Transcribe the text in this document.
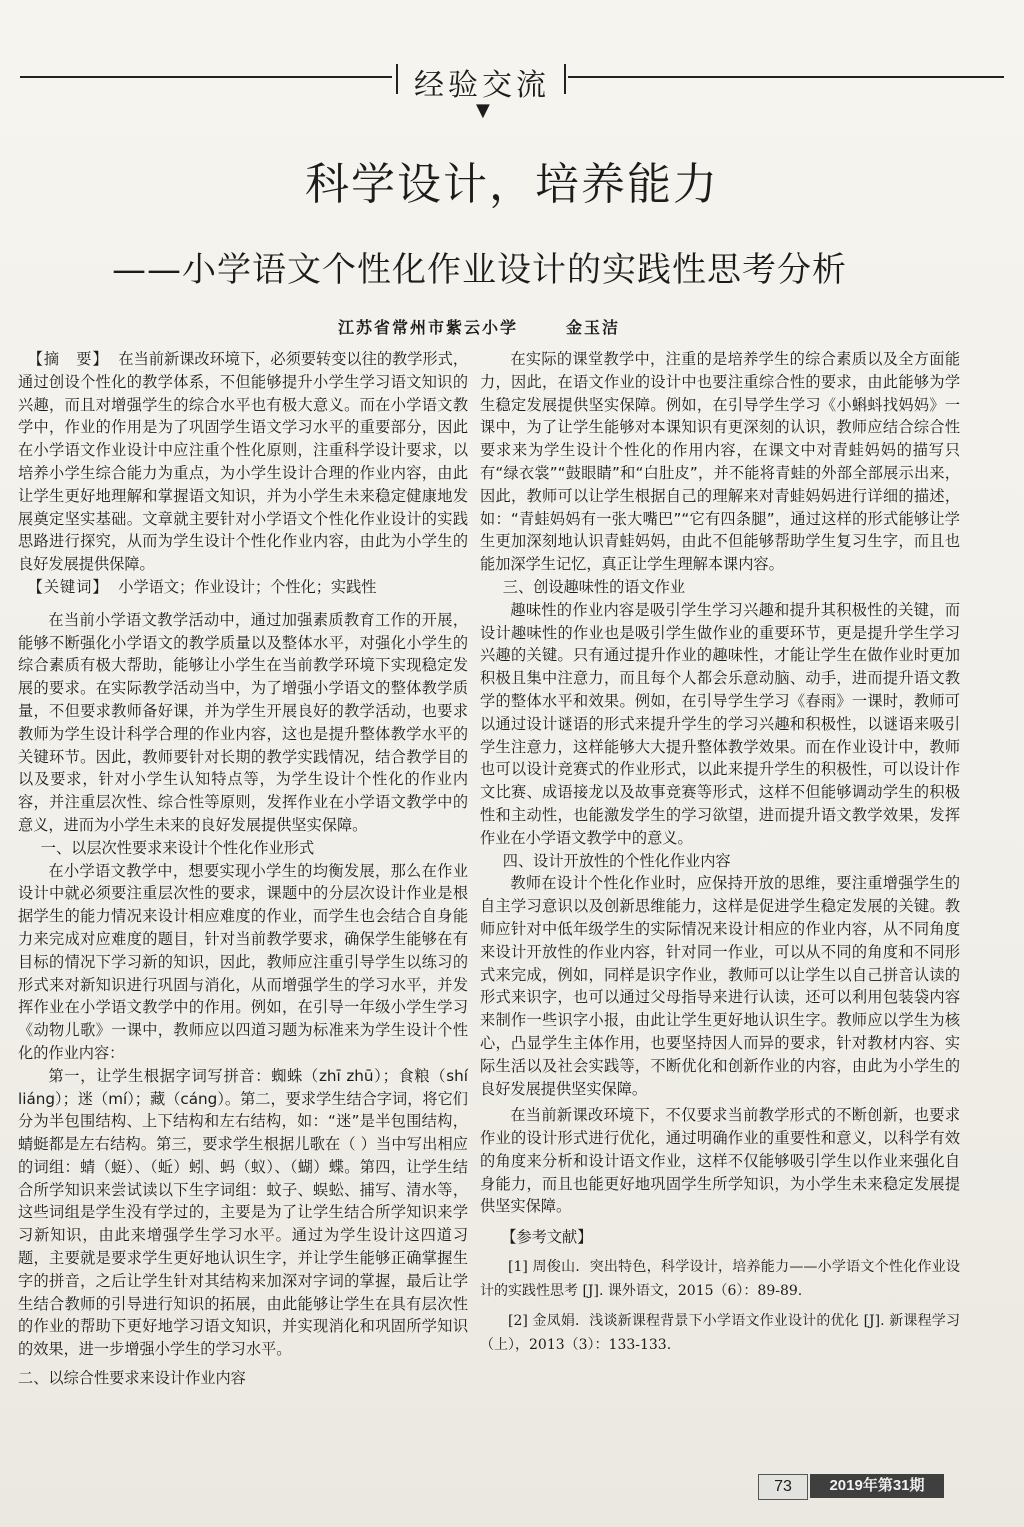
经验交流
▼
科学设计，培养能力
——小学语文个性化作业设计的实践性思考分析
江苏省常州市紫云小学	金玉洁

【摘　要】 在当前新课改环境下，必须要转变以往的教学形式，通过创设个性化的教学体系，不但能够提升小学生学习语文知识的兴趣，而且对增强学生的综合水平也有极大意义。而在小学语文教学中，作业的作用是为了巩固学生语文学习水平的重要部分，因此在小学语文作业设计中应注重个性化原则，注重科学设计要求，以培养小学生综合能力为重点，为小学生设计合理的作业内容，由此让学生更好地理解和掌握语文知识，并为小学生未来稳定健康地发展奠定坚实基础。文章就主要针对小学语文个性化作业设计的实践思路进行探究，从而为学生设计个性化作业内容，由此为小学生的良好发展提供保障。

【关键词】 小学语文；作业设计；个性化；实践性

在当前小学语文教学活动中，通过加强素质教育工作的开展，能够不断强化小学语文的教学质量以及整体水平，对强化小学生的综合素质有极大帮助，能够让小学生在当前教学环境下实现稳定发展的要求。在实际教学活动当中，为了增强小学语文的整体教学质量，不但要求教师备好课，并为学生开展良好的教学活动，也要求教师为学生设计科学合理的作业内容，这也是提升整体教学水平的关键环节。因此，教师要针对长期的教学实践情况，结合教学目的以及要求，针对小学生认知特点等，为学生设计个性化的作业内容，并注重层次性、综合性等原则，发挥作业在小学语文教学中的意义，进而为小学生未来的良好发展提供坚实保障。

一、以层次性要求来设计个性化作业形式

在小学语文教学中，想要实现小学生的均衡发展，那么在作业设计中就必须要注重层次性的要求，课题中的分层次设计作业是根据学生的能力情况来设计相应难度的作业，而学生也会结合自身能力来完成对应难度的题目，针对当前教学要求，确保学生能够在有目标的情况下学习新的知识，因此，教师应注重引导学生以练习的形式来对新知识进行巩固与消化，从而增强学生的学习水平，并发挥作业在小学语文教学中的作用。例如，在引导一年级小学生学习《动物儿歌》一课中，教师应以四道习题为标准来为学生设计个性化的作业内容：

第一，让学生根据字词写拼音：蜘蛛（zhī zhū）；食粮（shí liáng）；迷（mí）；藏（cáng）。第二，要求学生结合字词，将它们分为半包围结构、上下结构和左右结构，如：“迷”是半包围结构，蜻蜓都是左右结构。第三，要求学生根据儿歌在（ ）当中写出相应的词组：蜻（蜓）、（蚯）蚓、蚂（蚁）、（蝴）蝶。第四，让学生结合所学知识来尝试读以下生字词组：蚊子、蜈蚣、捕写、清水等，这些词组是学生没有学过的，主要是为了让学生结合所学知识来学习新知识，由此来增强学生学习水平。通过为学生设计这四道习题，主要就是要求学生更好地认识生字，并让学生能够正确掌握生字的拼音，之后让学生针对其结构来加深对字词的掌握，最后让学生结合教师的引导进行知识的拓展，由此能够让学生在具有层次性的作业的帮助下更好地学习语文知识，并实现消化和巩固所学知识的效果，进一步增强小学生的学习水平。

二、以综合性要求来设计作业内容

在实际的课堂教学中，注重的是培养学生的综合素质以及全方面能力，因此，在语文作业的设计中也要注重综合性的要求，由此能够为学生稳定发展提供坚实保障。例如，在引导学生学习《小蝌蚪找妈妈》一课中，为了让学生能够对本课知识有更深刻的认识，教师应结合综合性要求来为学生设计个性化的作用内容，在课文中对青蛙妈妈的描写只有“绿衣裳”“鼓眼睛”和“白肚皮”，并不能将青蛙的外部全部展示出来，因此，教师可以让学生根据自己的理解来对青蛙妈妈进行详细的描述，如：“青蛙妈妈有一张大嘴巴”“它有四条腿”，通过这样的形式能够让学生更加深刻地认识青蛙妈妈，由此不但能够帮助学生复习生字，而且也能加深学生记忆，真正让学生理解本课内容。

三、创设趣味性的语文作业

趣味性的作业内容是吸引学生学习兴趣和提升其积极性的关键，而设计趣味性的作业也是吸引学生做作业的重要环节，更是提升学生学习兴趣的关键。只有通过提升作业的趣味性，才能让学生在做作业时更加积极且集中注意力，而且每个人都会乐意动脑、动手，进而提升语文教学的整体水平和效果。例如，在引导学生学习《春雨》一课时，教师可以通过设计谜语的形式来提升学生的学习兴趣和积极性，以谜语来吸引学生注意力，这样能够大大提升整体教学效果。而在作业设计中，教师也可以设计竞赛式的作业形式，以此来提升学生的积极性，可以设计作文比赛、成语接龙以及故事竞赛等形式，这样不但能够调动学生的积极性和主动性，也能激发学生的学习欲望，进而提升语文教学效果，发挥作业在小学语文教学中的意义。

四、设计开放性的个性化作业内容

教师在设计个性化作业时，应保持开放的思维，要注重增强学生的自主学习意识以及创新思维能力，这样是促进学生稳定发展的关键。教师应针对中低年级学生的实际情况来设计相应的作业内容，从不同角度来设计开放性的作业内容，针对同一作业，可以从不同的角度和不同形式来完成，例如，同样是识字作业，教师可以让学生以自己拼音认读的形式来识字，也可以通过父母指导来进行认读，还可以利用包装袋内容来制作一些识字小报，由此让学生更好地认识生字。教师应以学生为核心，凸显学生主体作用，也要坚持因人而异的要求，针对教材内容、实际生活以及社会实践等，不断优化和创新作业的内容，由此为小学生的良好发展提供坚实保障。

在当前新课改环境下，不仅要求当前教学形式的不断创新，也要求作业的设计形式进行优化，通过明确作业的重要性和意义，以科学有效的角度来分析和设计语文作业，这样不仅能够吸引学生以作业来强化自身能力，而且也能更好地巩固学生所学知识，为小学生未来稳定发展提供坚实保障。

【参考文献】

[1] 周俊山．突出特色，科学设计，培养能力——小学语文个性化作业设计的实践性思考 [J]. 课外语文，2015（6）：89-89.

[2] 金凤娟．浅谈新课程背景下小学语文作业设计的优化 [J]. 新课程学习（上），2013（3）：133-133.

73	2019年第31期
